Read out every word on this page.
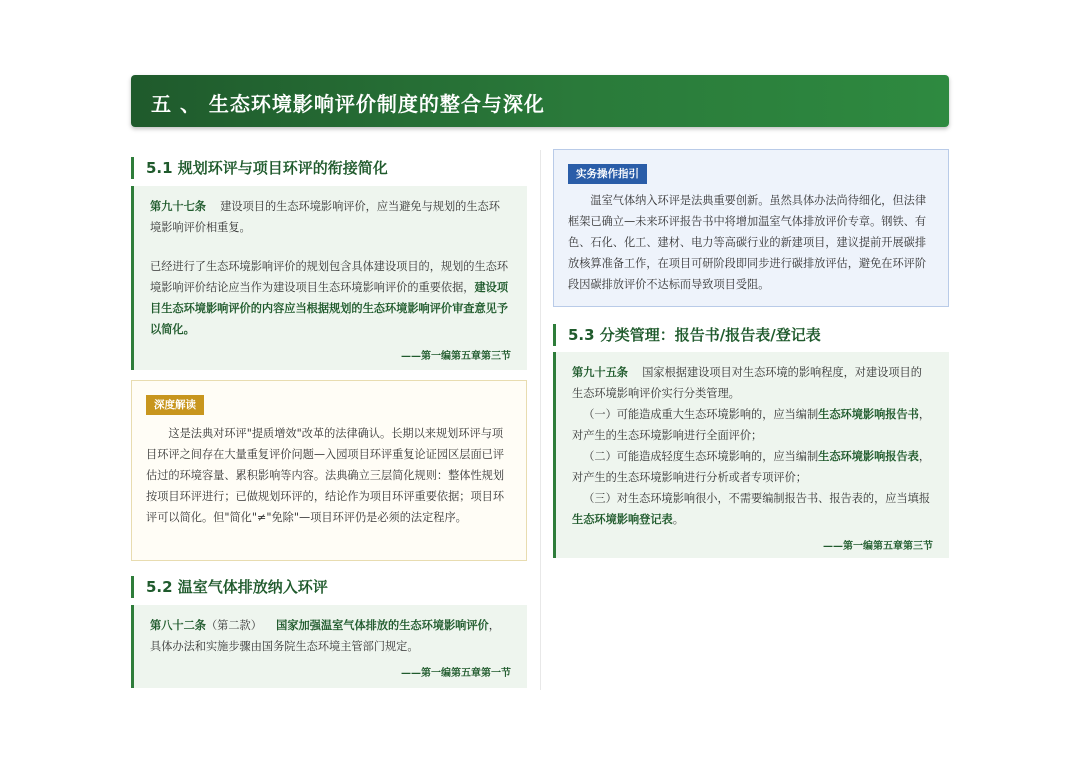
五 、 生态环境影响评价制度的整合与深化
5.1 规划环评与项目环评的衔接简化

第九十七条 建设项目的生态环境影响评价，应当避免与规划的生态环境影响评价相重复。

已经进行了生态环境影响评价的规划包含具体建设项目的，规划的生态环境影响评价结论应当作为建设项目生态环境影响评价的重要依据，建设项目生态环境影响评价的内容应当根据规划的生态环境影响评价审查意见予以简化。

——第一编第五章第三节
深度解读

这是法典对环评"提质增效"改革的法律确认。长期以来规划环评与项目环评之间存在大量重复评价问题—入园项目环评重复论证园区层面已评估过的环境容量、累积影响等内容。法典确立三层简化规则：整体性规划按项目环评进行；已做规划环评的，结论作为项目环评重要依据；项目环评可以简化。但"简化"≠"免除"—项目环评仍是必须的法定程序。

5.2 温室气体排放纳入环评

第八十二条（第二款） 国家加强温室气体排放的生态环境影响评价，具体办法和实施步骤由国务院生态环境主管部门规定。

——第一编第五章第一节
实务操作指引

温室气体纳入环评是法典重要创新。虽然具体办法尚待细化，但法律框架已确立—未来环评报告书中将增加温室气体排放评价专章。钢铁、有色、石化、化工、建材、电力等高碳行业的新建项目，建议提前开展碳排放核算准备工作，在项目可研阶段即同步进行碳排放评估，避免在环评阶段因碳排放评价不达标而导致项目受阻。

5.3 分类管理：报告书/报告表/登记表

第九十五条 国家根据建设项目对生态环境的影响程度，对建设项目的生态环境影响评价实行分类管理。

（一）可能造成重大生态环境影响的，应当编制生态环境影响报告书，对产生的生态环境影响进行全面评价；

（二）可能造成轻度生态环境影响的，应当编制生态环境影响报告表，对产生的生态环境影响进行分析或者专项评价；

（三）对生态环境影响很小，不需要编制报告书、报告表的，应当填报生态环境影响登记表。

——第一编第五章第三节
